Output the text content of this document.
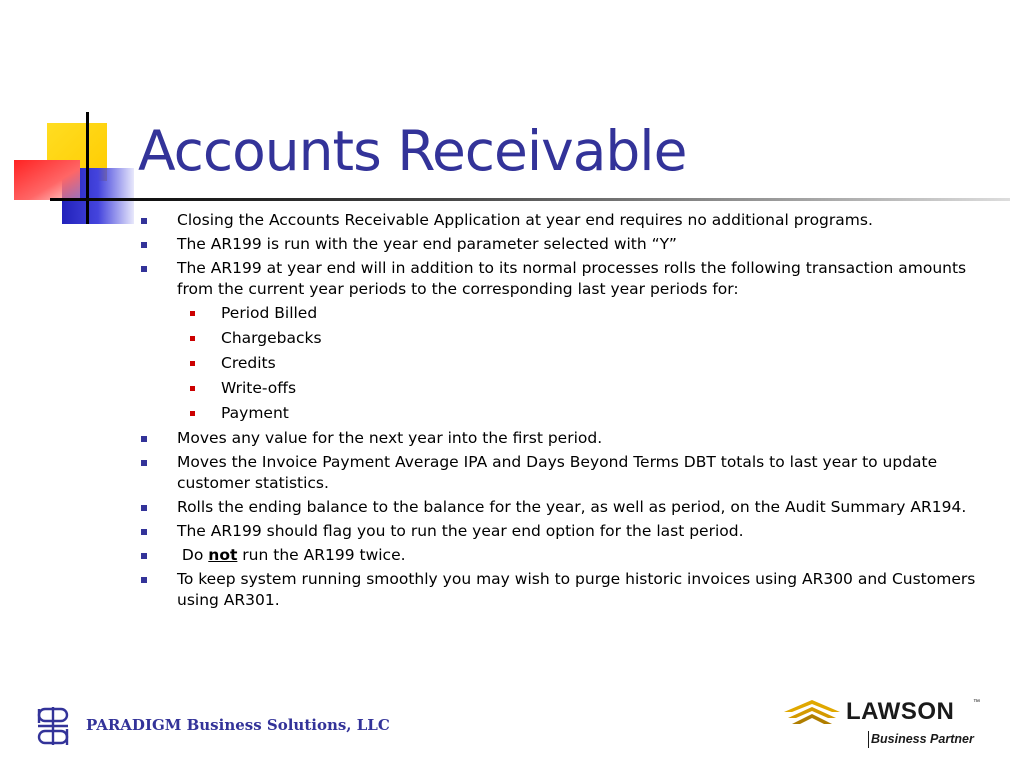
Accounts Receivable
Closing the Accounts Receivable Application at year end requires no additional programs.
The AR199 is run with the year end parameter selected with “Y”
The AR199 at year end will in addition to its normal processes rolls the following transaction amounts from the current year periods to the corresponding last year periods for:
Period Billed
Chargebacks
Credits
Write-offs
Payment
Moves any value for the next year into the first period.
Moves the Invoice Payment Average IPA and Days Beyond Terms DBT totals to last year to update customer statistics.
Rolls the ending balance to the balance for the year, as well as period, on the Audit Summary AR194.
The AR199 should flag you to run the year end option for the last period.
Do not run the AR199 twice.
To keep system running smoothly you may wish to purge historic invoices using AR300 and Customers using AR301.
PARADIGM Business Solutions, LLC	LAWSON	™
Business Partner
